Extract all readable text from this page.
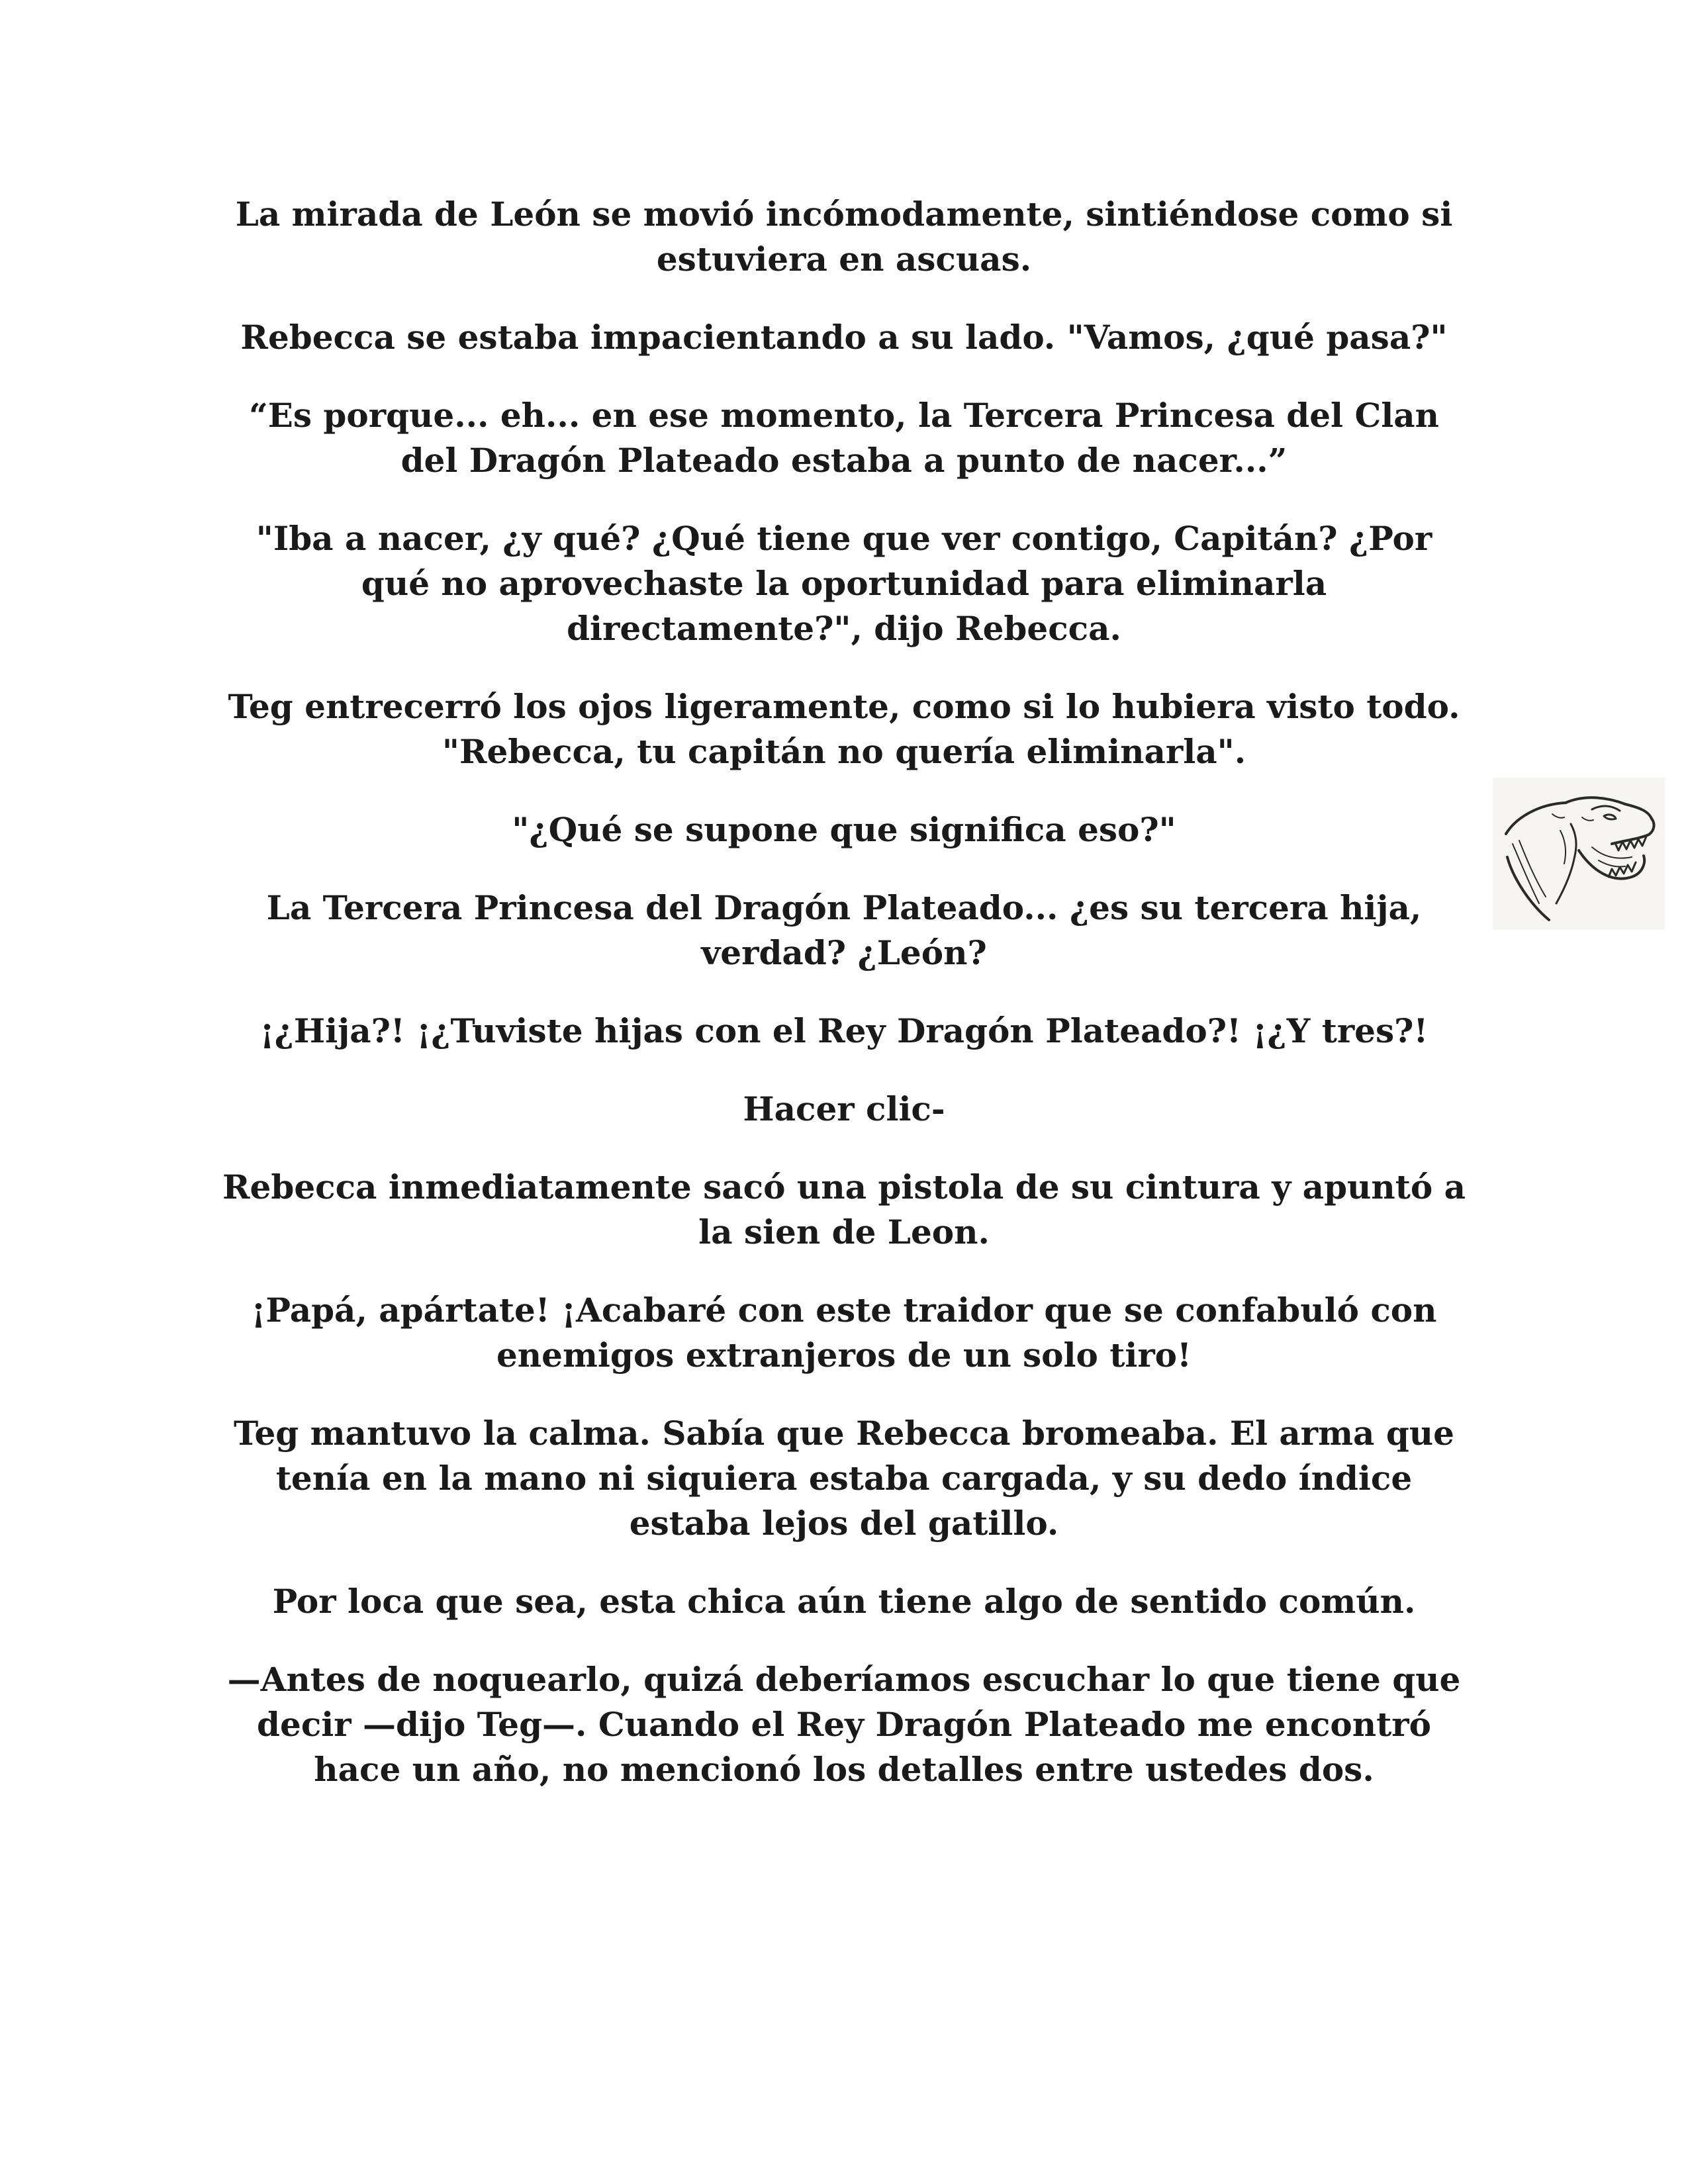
La mirada de León se movió incómodamente, sintiéndose como si estuviera en ascuas.

Rebecca se estaba impacientando a su lado. "Vamos, ¿qué pasa?"

“Es porque... eh... en ese momento, la Tercera Princesa del Clan del Dragón Plateado estaba a punto de nacer...”

"Iba a nacer, ¿y qué? ¿Qué tiene que ver contigo, Capitán? ¿Por qué no aprovechaste la oportunidad para eliminarla directamente?", dijo Rebecca.

Teg entrecerró los ojos ligeramente, como si lo hubiera visto todo. "Rebecca, tu capitán no quería eliminarla".

"¿Qué se supone que significa eso?"

La Tercera Princesa del Dragón Plateado... ¿es su tercera hija, verdad? ¿León?

¡¿Hija?! ¡¿Tuviste hijas con el Rey Dragón Plateado?! ¡¿Y tres?!

Hacer clic-

Rebecca inmediatamente sacó una pistola de su cintura y apuntó a la sien de Leon.

¡Papá, apártate! ¡Acabaré con este traidor que se confabuló con enemigos extranjeros de un solo tiro!

Teg mantuvo la calma. Sabía que Rebecca bromeaba. El arma que tenía en la mano ni siquiera estaba cargada, y su dedo índice estaba lejos del gatillo.

Por loca que sea, esta chica aún tiene algo de sentido común.

—Antes de noquearlo, quizá deberíamos escuchar lo que tiene que decir —dijo Teg—. Cuando el Rey Dragón Plateado me encontró hace un año, no mencionó los detalles entre ustedes dos.
